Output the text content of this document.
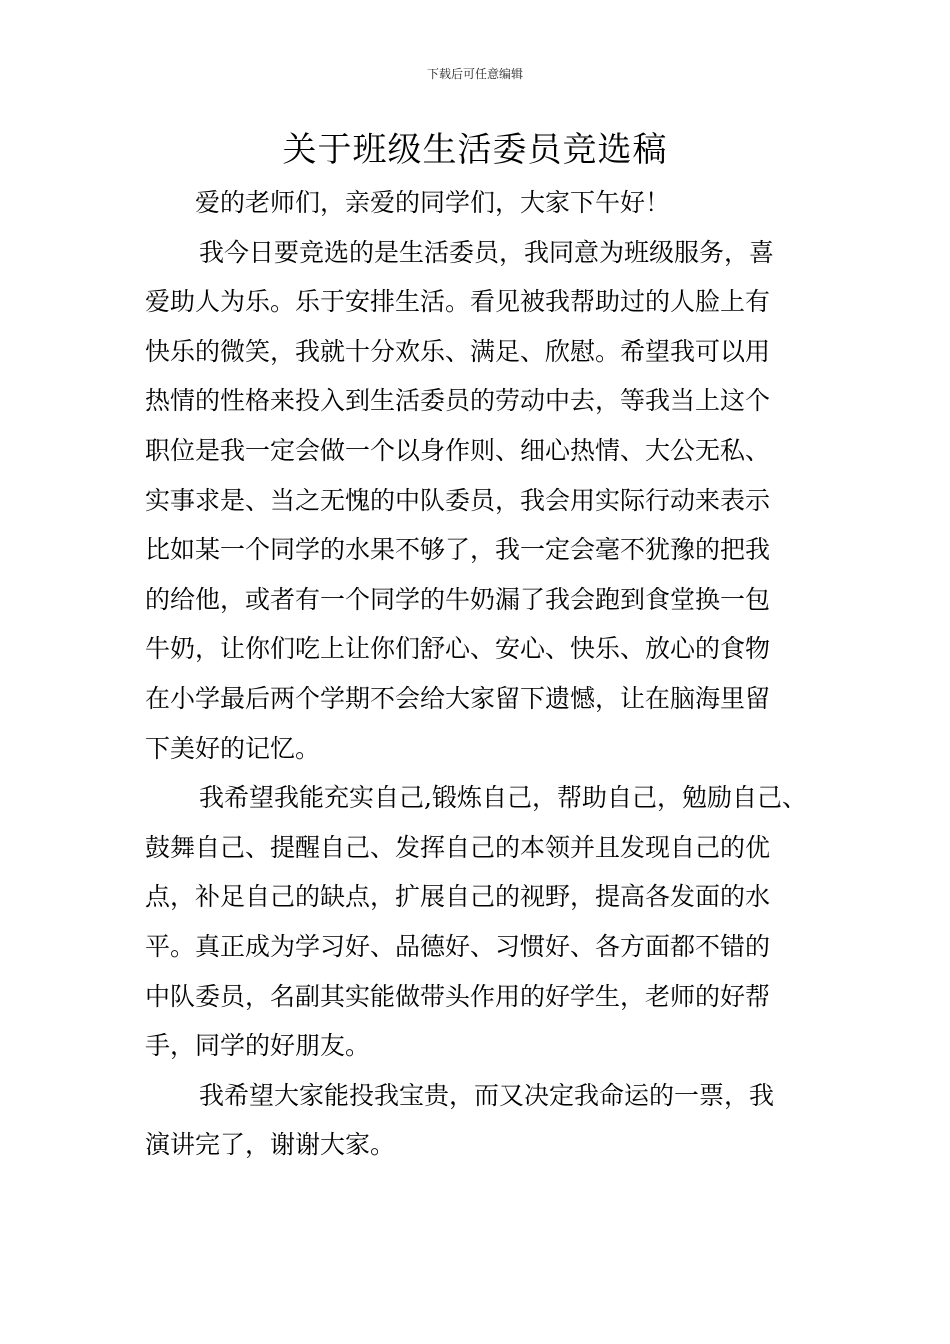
下载后可任意编辑
关于班级生活委员竞选稿
爱的老师们，亲爱的同学们，大家下午好！
我今日要竞选的是生活委员，我同意为班级服务，喜
爱助人为乐。乐于安排生活。看见被我帮助过的人脸上有
快乐的微笑，我就十分欢乐、满足、欣慰。希望我可以用
热情的性格来投入到生活委员的劳动中去，等我当上这个
职位是我一定会做一个以身作则、细心热情、大公无私、
实事求是、当之无愧的中队委员，我会用实际行动来表示
比如某一个同学的水果不够了，我一定会毫不犹豫的把我
的给他，或者有一个同学的牛奶漏了我会跑到食堂换一包
牛奶，让你们吃上让你们舒心、安心、快乐、放心的食物
在小学最后两个学期不会给大家留下遗憾，让在脑海里留
下美好的记忆。
我希望我能充实自己,锻炼自己，帮助自己，勉励自己、
鼓舞自己、提醒自己、发挥自己的本领并且发现自己的优
点，补足自己的缺点，扩展自己的视野，提高各发面的水
平。真正成为学习好、品德好、习惯好、各方面都不错的
中队委员，名副其实能做带头作用的好学生，老师的好帮
手，同学的好朋友。
我希望大家能投我宝贵，而又决定我命运的一票，我
演讲完了，谢谢大家。
